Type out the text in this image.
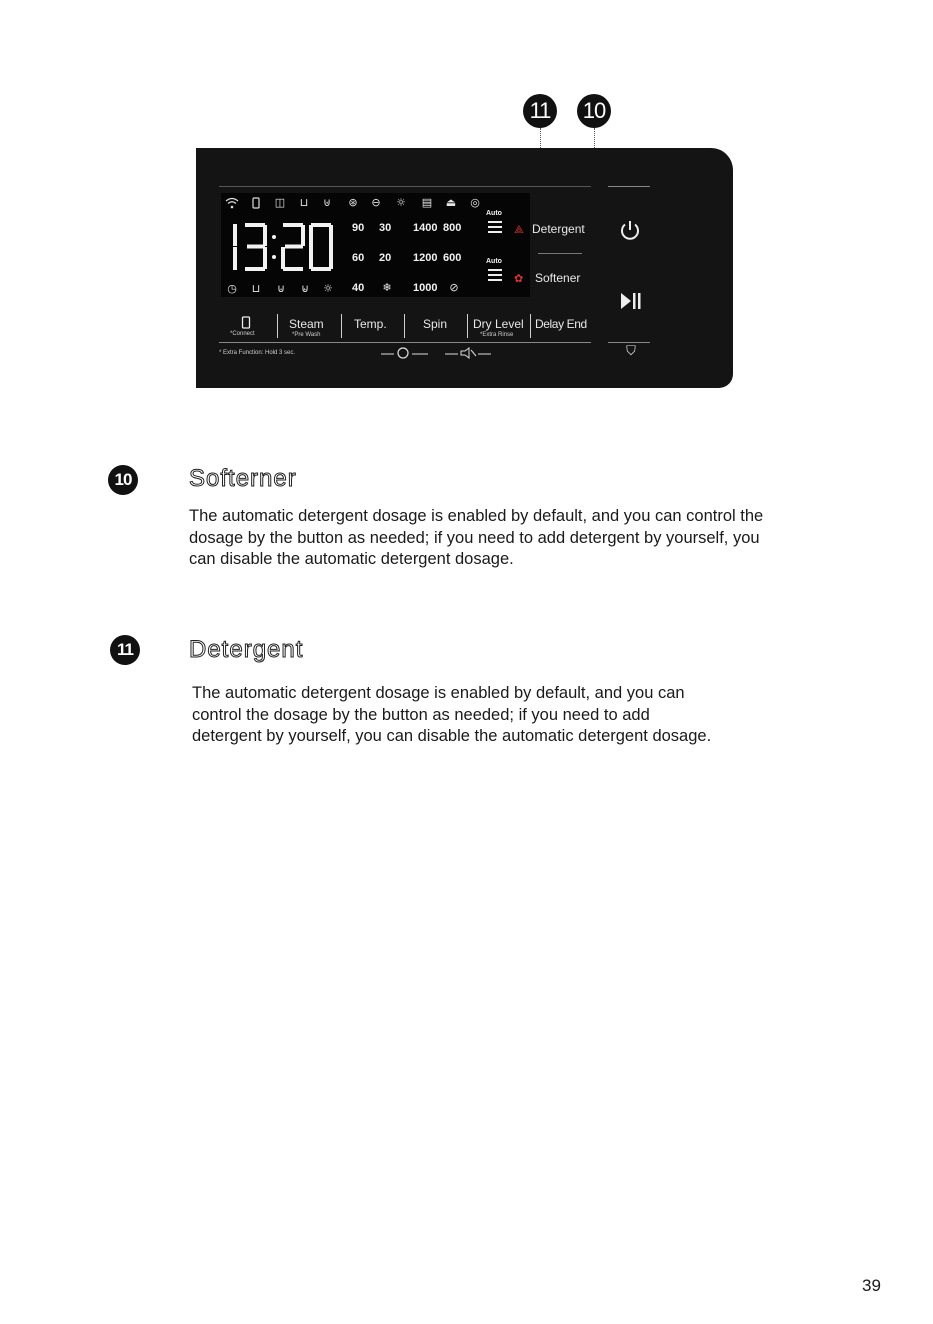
11 10
◫ ⊔ ⊎ ⊛ ⊖ ☼ ▤ ⏏ ◎
90 30
60 20
40 ❄
1400 800
1200 600
1000 ⊘
Auto
Auto
◷ ⊔ ⊍ ⊌ ☼
⟁ Detergent
✿ Softener
⛉
*Connect
Steam
*Pre Wash
Temp.	Spin Dry Level
*Extra Rinse
Delay End
* Extra Function: Hold 3 sec.
10 Softerner
The automatic detergent dosage is enabled by default, and you can control the
dosage by the button as needed; if you need to add detergent by yourself, you
can disable the automatic detergent dosage.
11 Detergent
The automatic detergent dosage is enabled by default, and you can
control the dosage by the button as needed; if you need to add
detergent by yourself, you can disable the automatic detergent dosage.
39
